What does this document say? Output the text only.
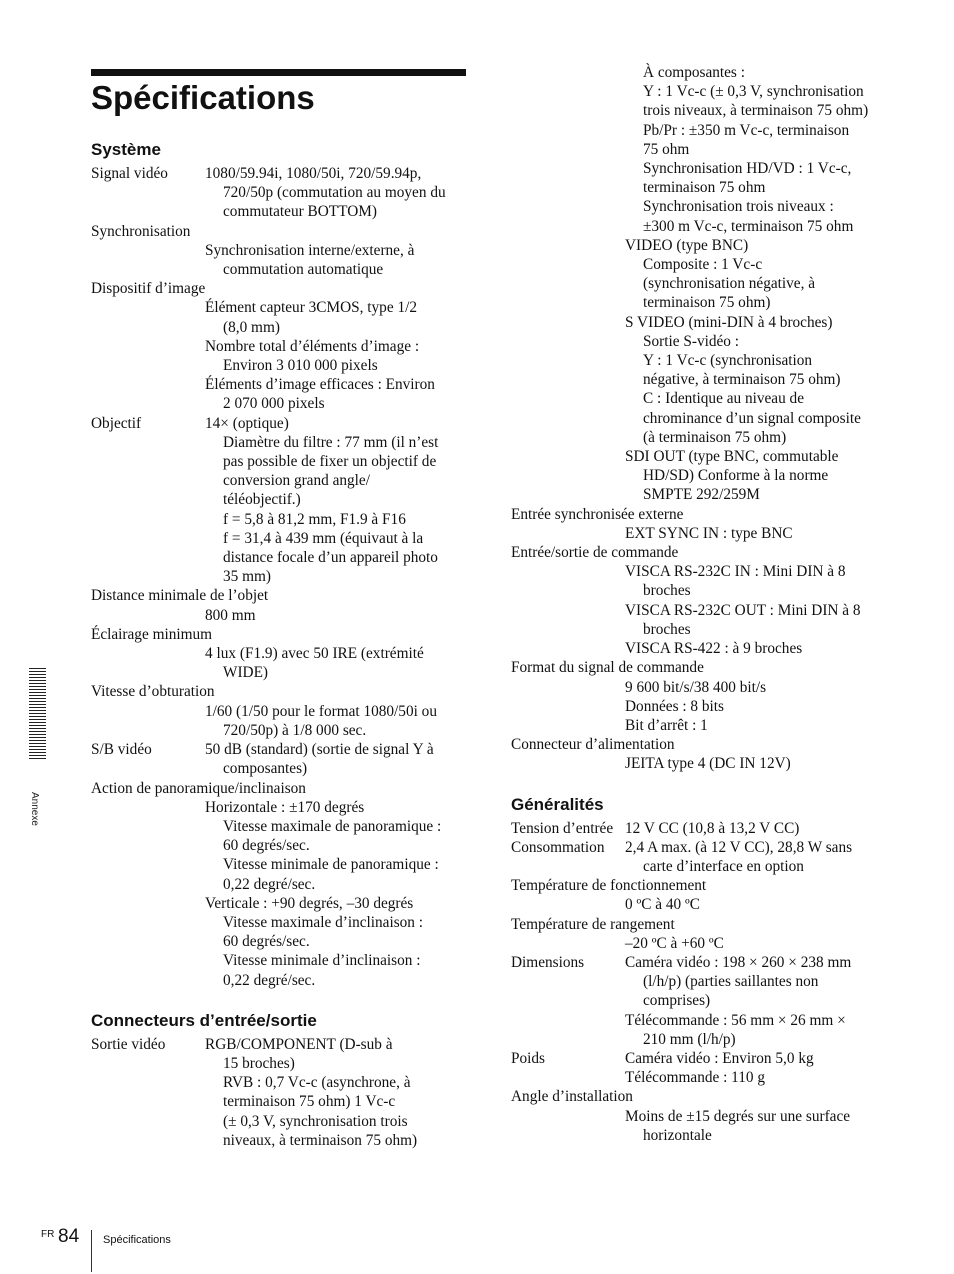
Spécifications
Système
Signal vidéo 1080/59.94i, 1080/50i, 720/59.94p,
720/50p (commutation au moyen du
commutateur BOTTOM)
Synchronisation
Synchronisation interne/externe, à
commutation automatique
Dispositif d’image
Élément capteur 3CMOS, type 1/2
(8,0 mm)
Nombre total d’éléments d’image :
Environ 3 010 000 pixels
Éléments d’image efficaces : Environ
2 070 000 pixels
Objectif	14× (optique)
Diamètre du filtre : 77 mm (il n’est
pas possible de fixer un objectif de
conversion grand angle/
téléobjectif.)
f = 5,8 à 81,2 mm, F1.9 à F16
f = 31,4 à 439 mm (équivaut à la
distance focale d’un appareil photo
35 mm)
Distance minimale de l’objet
800 mm
Éclairage minimum
4 lux (F1.9) avec 50 IRE (extrémité
WIDE)
Vitesse d’obturation
1/60 (1/50 pour le format 1080/50i ou
720/50p) à 1/8 000 sec.
S/B vidéo	50 dB (standard) (sortie de signal Y à
composantes)
Action de panoramique/inclinaison
Horizontale : ±170 degrés
Vitesse maximale de panoramique :
60 degrés/sec.
Vitesse minimale de panoramique :
0,22 degré/sec.
Verticale : +90 degrés, –30 degrés
Vitesse maximale d’inclinaison :
60 degrés/sec.
Vitesse minimale d’inclinaison :
0,22 degré/sec.
Connecteurs d’entrée/sortie
Sortie vidéo	RGB/COMPONENT (D-sub à
15 broches)
RVB : 0,7 Vc-c (asynchrone, à
terminaison 75 ohm) 1 Vc-c
(± 0,3 V, synchronisation trois
niveaux, à terminaison 75 ohm)
À composantes :
Y : 1 Vc-c (± 0,3 V, synchronisation
trois niveaux, à terminaison 75 ohm)
Pb/Pr : ±350 m Vc-c, terminaison
75 ohm
Synchronisation HD/VD : 1 Vc-c,
terminaison 75 ohm
Synchronisation trois niveaux :
±300 m Vc-c, terminaison 75 ohm
VIDEO (type BNC)
Composite : 1 Vc-c
(synchronisation négative, à
terminaison 75 ohm)
S VIDEO (mini-DIN à 4 broches)
Sortie S-vidéo :
Y : 1 Vc-c (synchronisation
négative, à terminaison 75 ohm)
C : Identique au niveau de
chrominance d’un signal composite
(à terminaison 75 ohm)
SDI OUT (type BNC, commutable
HD/SD) Conforme à la norme
SMPTE 292/259M
Entrée synchronisée externe
EXT SYNC IN : type BNC
Entrée/sortie de commande
VISCA RS-232C IN : Mini DIN à 8
broches
VISCA RS-232C OUT : Mini DIN à 8
broches
VISCA RS-422 : à 9 broches
Format du signal de commande
9 600 bit/s/38 400 bit/s
Données : 8 bits
Bit d’arrêt : 1
Connecteur d’alimentation
JEITA type 4 (DC IN 12V)
Généralités
Tension d’entrée 12 V CC (10,8 à 13,2 V CC)
Consommation 2,4 A max. (à 12 V CC), 28,8 W sans
carte d’interface en option
Température de fonctionnement
0 ºC à 40 ºC
Température de rangement
–20 ºC à +60 ºC
Dimensions	Caméra vidéo : 198 × 260 × 238 mm
(l/h/p) (parties saillantes non
comprises)
Télécommande : 56 mm × 26 mm ×
210 mm (l/h/p)
Poids	Caméra vidéo : Environ 5,0 kg
Télécommande : 110 g
Angle d’installation
Moins de ±15 degrés sur une surface
horizontale
Annexe
FR 84 Spécifications
